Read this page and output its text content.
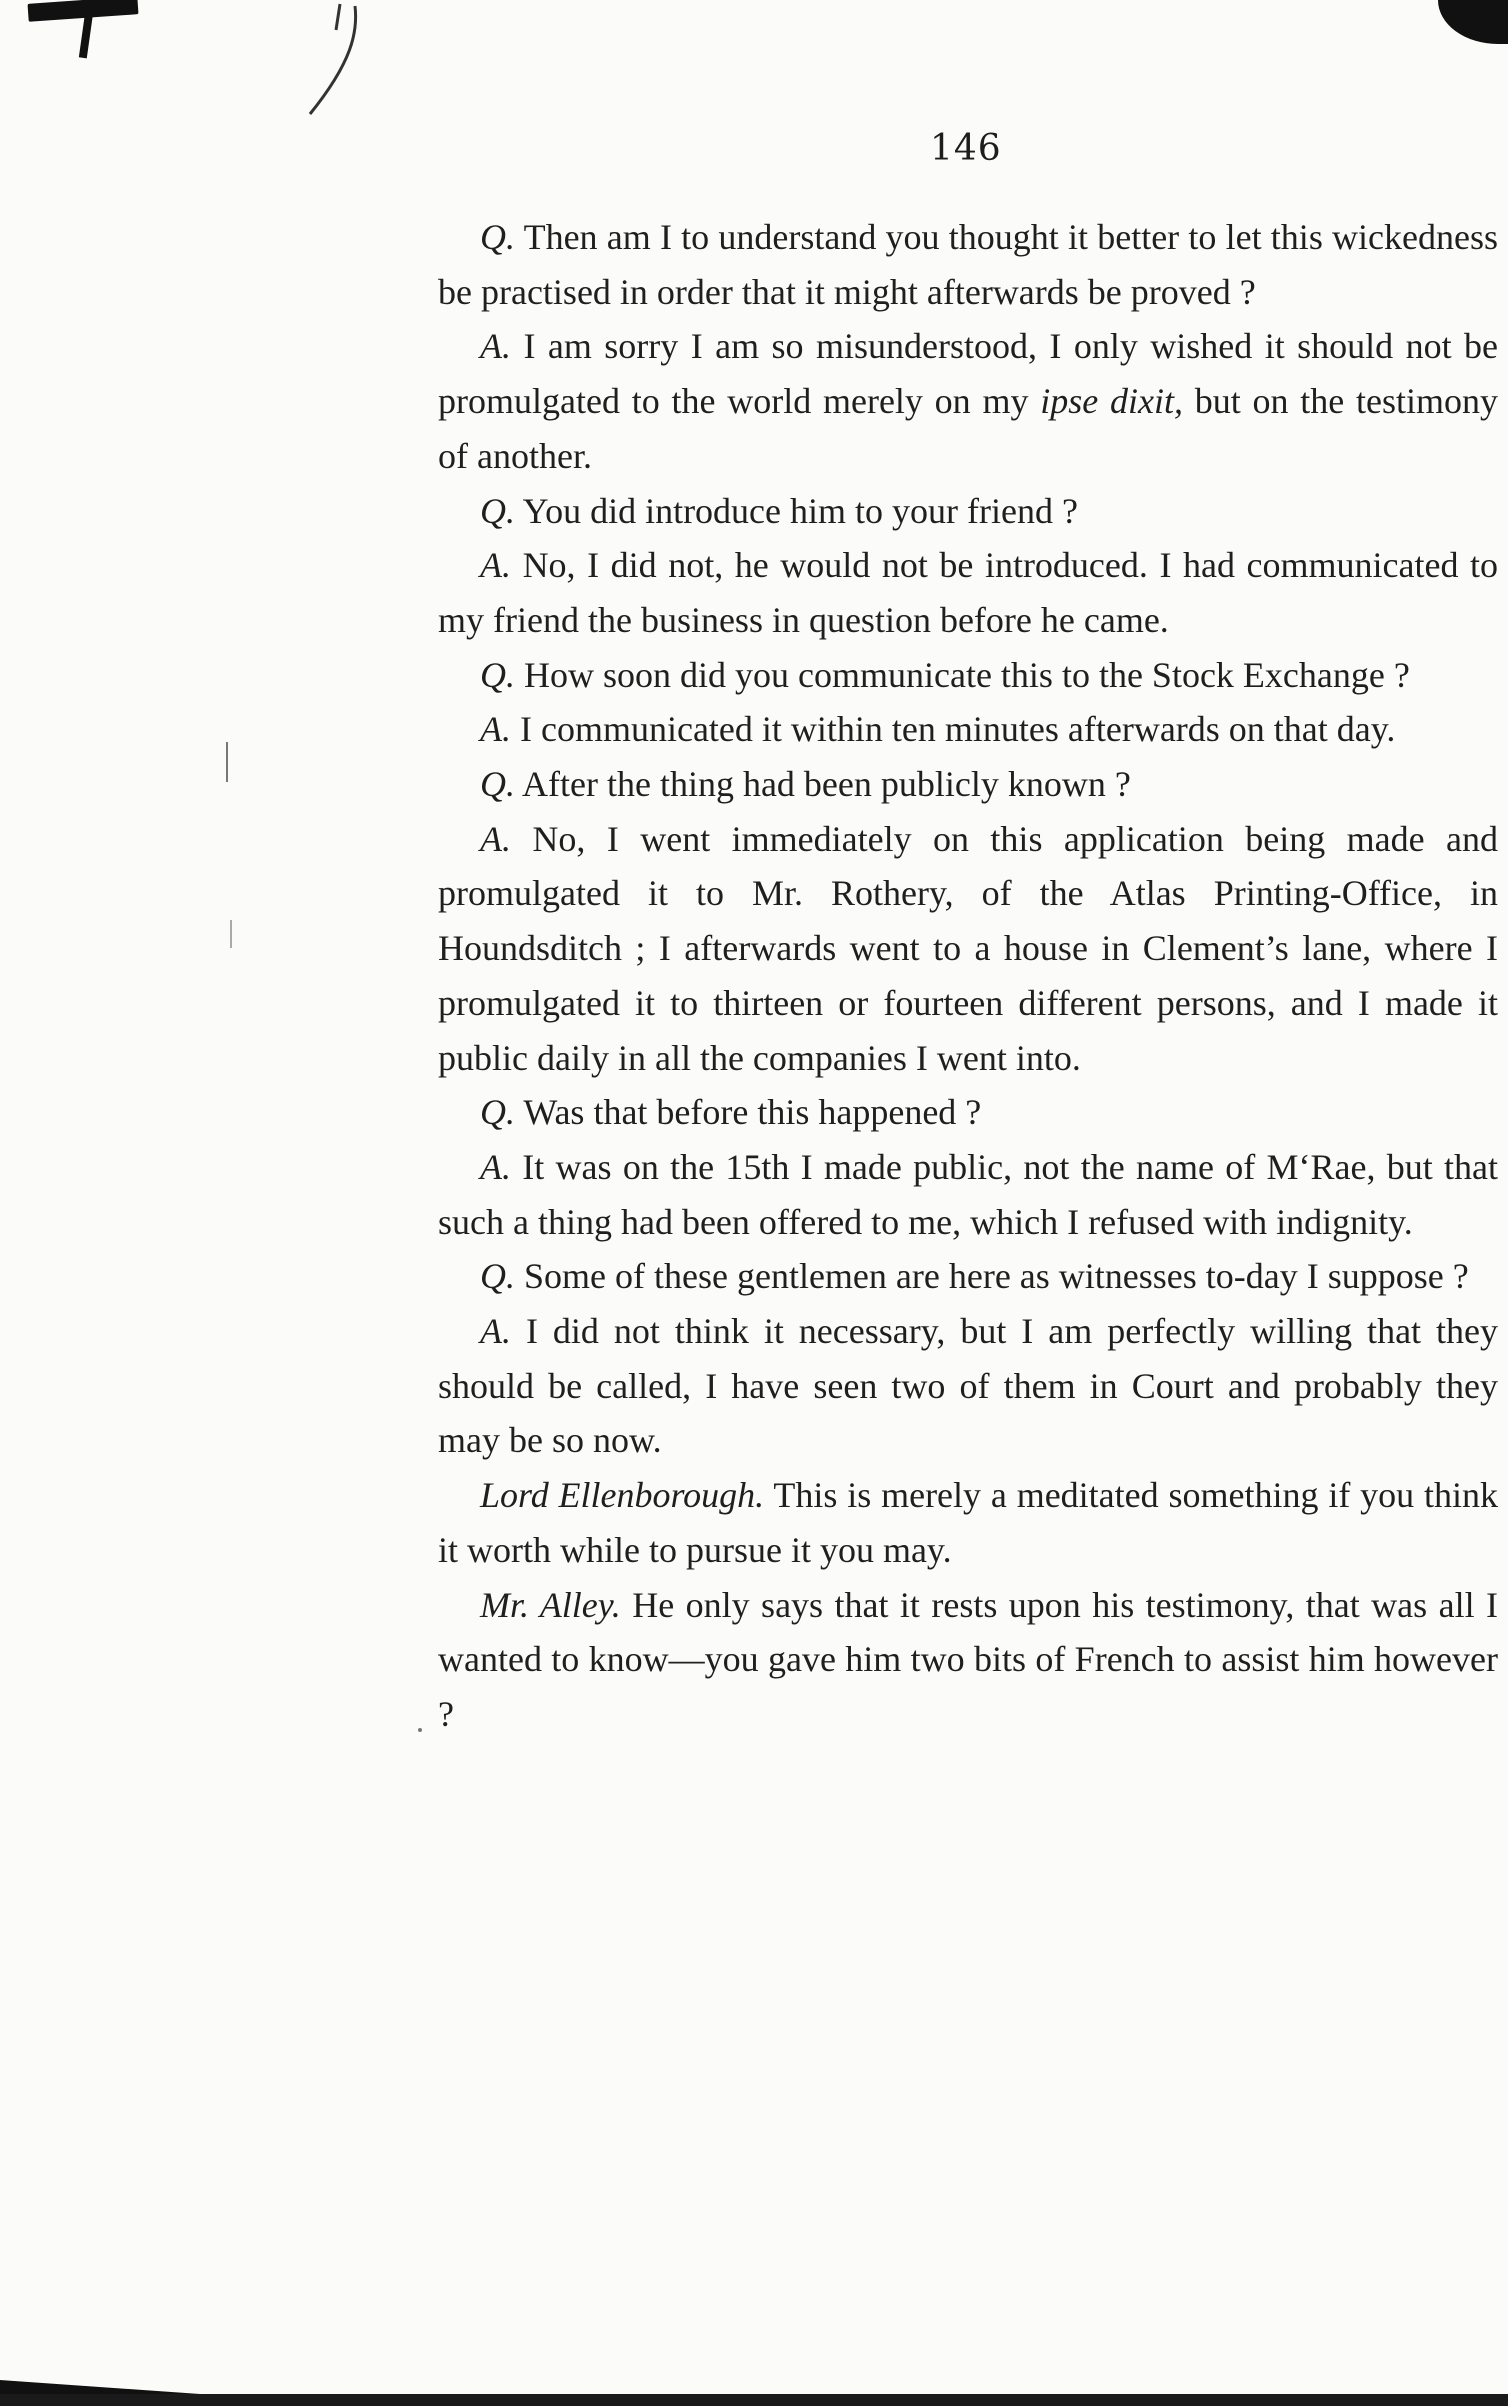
146

Q. Then am I to understand you thought it better to let this wickedness be practised in order that it might afterwards be proved ?

A. I am sorry I am so misunderstood, I only wished it should not be promulgated to the world merely on my ipse dixit, but on the testimony of another.

Q. You did introduce him to your friend ?

A. No, I did not, he would not be introduced. I had communicated to my friend the business in question before he came.

Q. How soon did you communicate this to the Stock Exchange ?

A. I communicated it within ten minutes afterwards on that day.

Q. After the thing had been publicly known ?

A. No, I went immediately on this application being made and promulgated it to Mr. Rothery, of the Atlas Printing-Office, in Houndsditch ; I afterwards went to a house in Clement’s lane, where I promulgated it to thirteen or fourteen different persons, and I made it public daily in all the companies I went into.

Q. Was that before this happened ?

A. It was on the 15th I made public, not the name of M‘Rae, but that such a thing had been offered to me, which I refused with indignity.

Q. Some of these gentlemen are here as witnesses to-day I suppose ?

A. I did not think it necessary, but I am perfectly willing that they should be called, I have seen two of them in Court and probably they may be so now.

Lord Ellenborough. This is merely a meditated something if you think it worth while to pursue it you may.

Mr. Alley. He only says that it rests upon his testimony, that was all I wanted to know—you gave him two bits of French to assist him however ?
